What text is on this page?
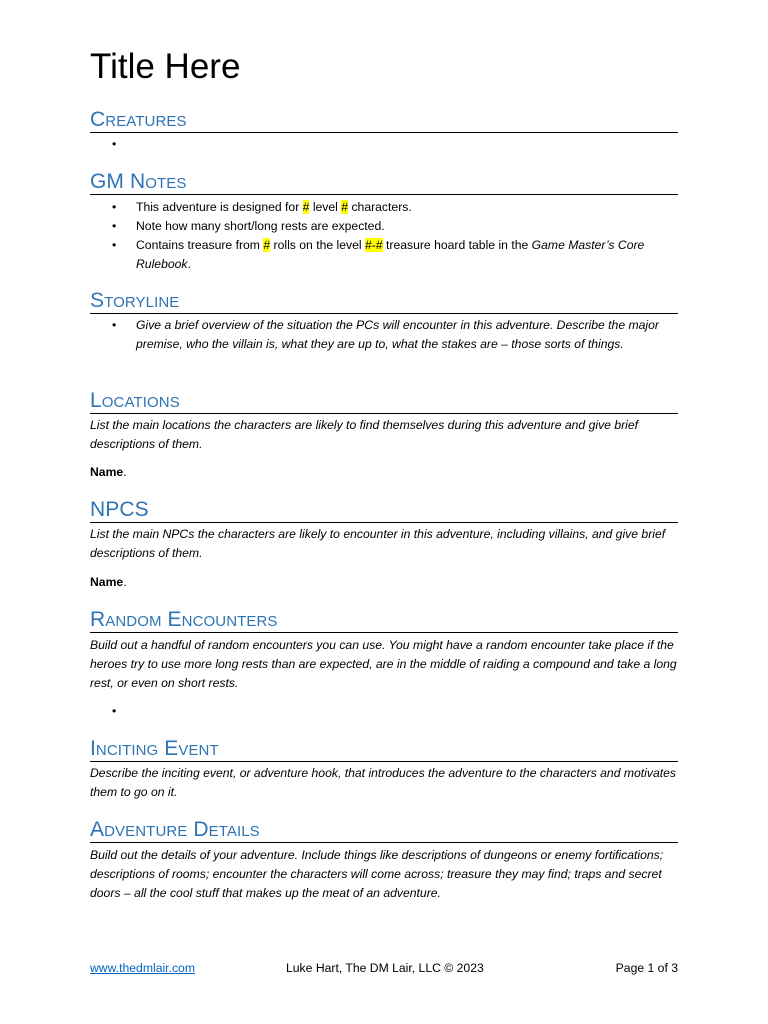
Title Here
Creatures
•

GM Notes
• This adventure is designed for # level # characters.
• Note how many short/long rests are expected.
• Contains treasure from # rolls on the level #-# treasure hoard table in the Game Master’s Core Rulebook.
Storyline
• Give a brief overview of the situation the PCs will encounter in this adventure. Describe the major premise, who the villain is, what they are up to, what the stakes are – those sorts of things.
Locations

List the main locations the characters are likely to find themselves during this adventure and give brief descriptions of them.

Name.

NPCS

List the main NPCs the characters are likely to encounter in this adventure, including villains, and give brief descriptions of them.

Name.

Random Encounters

Build out a handful of random encounters you can use. You might have a random encounter take place if the heroes try to use more long rests than are expected, are in the middle of raiding a compound and take a long rest, or even on short rests.

•

Inciting Event

Describe the inciting event, or adventure hook, that introduces the adventure to the characters and motivates them to go on it.

Adventure Details

Build out the details of your adventure. Include things like descriptions of dungeons or enemy fortifications; descriptions of rooms; encounter the characters will come across; treasure they may find; traps and secret doors – all the cool stuff that makes up the meat of an adventure.

www.thedmlair.com	Luke Hart, The DM Lair, LLC © 2023	Page 1 of 3
